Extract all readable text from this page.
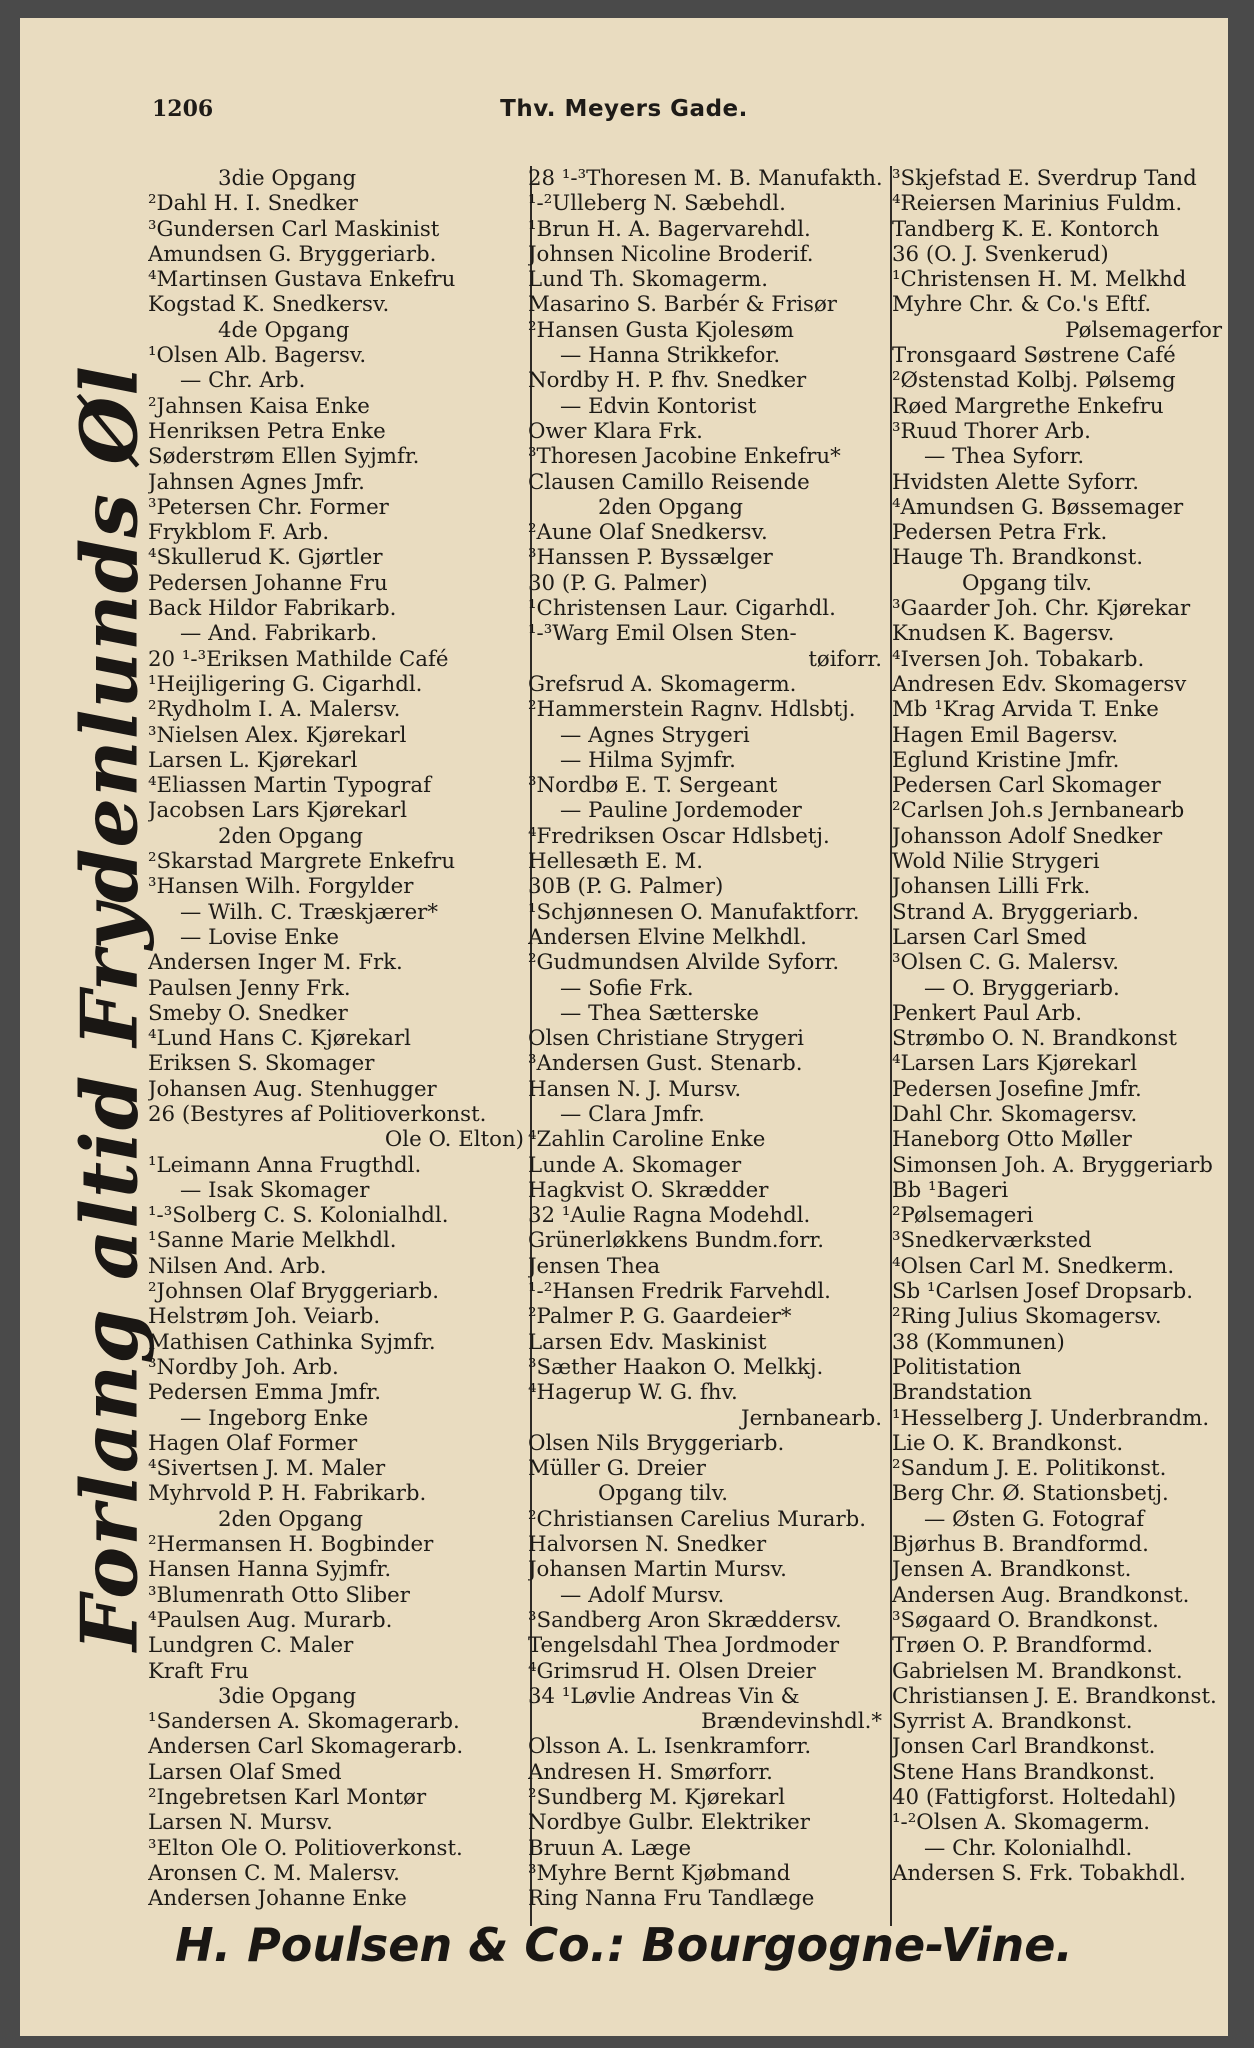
1206	Thv. Meyers Gade.
Forlang altid Frydenlunds Øl
3die Opgang
²Dahl H. I. Snedker
³Gundersen Carl Maskinist
Amundsen G. Bryggeriarb.
⁴Martinsen Gustava Enkefru
Kogstad K. Snedkersv.
4de Opgang
¹Olsen Alb. Bagersv.
— Chr. Arb.
²Jahnsen Kaisa Enke
Henriksen Petra Enke
Søderstrøm Ellen Syjmfr.
Jahnsen Agnes Jmfr.
³Petersen Chr. Former
Frykblom F. Arb.
⁴Skullerud K. Gjørtler
Pedersen Johanne Fru
Back Hildor Fabrikarb.
— And. Fabrikarb.
20 ¹-³Eriksen Mathilde Café
¹Heijligering G. Cigarhdl.
²Rydholm I. A. Malersv.
³Nielsen Alex. Kjørekarl
Larsen L. Kjørekarl
⁴Eliassen Martin Typograf
Jacobsen Lars Kjørekarl
2den Opgang
²Skarstad Margrete Enkefru
³Hansen Wilh. Forgylder
— Wilh. C. Træskjærer*
— Lovise Enke
Andersen Inger M. Frk.
Paulsen Jenny Frk.
Smeby O. Snedker
⁴Lund Hans C. Kjørekarl
Eriksen S. Skomager
Johansen Aug. Stenhugger
26 (Bestyres af Politioverkonst.
Ole O. Elton)
¹Leimann Anna Frugthdl.
— Isak Skomager
¹-³Solberg C. S. Kolonialhdl.
¹Sanne Marie Melkhdl.
Nilsen And. Arb.
²Johnsen Olaf Bryggeriarb.
Helstrøm Joh. Veiarb.
Mathisen Cathinka Syjmfr.
³Nordby Joh. Arb.
Pedersen Emma Jmfr.
— Ingeborg Enke
Hagen Olaf Former
⁴Sivertsen J. M. Maler
Myhrvold P. H. Fabrikarb.
2den Opgang
²Hermansen H. Bogbinder
Hansen Hanna Syjmfr.
³Blumenrath Otto Sliber
⁴Paulsen Aug. Murarb.
Lundgren C. Maler
Kraft Fru
3die Opgang
¹Sandersen A. Skomagerarb.
Andersen Carl Skomagerarb.
Larsen Olaf Smed
²Ingebretsen Karl Montør
Larsen N. Mursv.
³Elton Ole O. Politioverkonst.
Aronsen C. M. Malersv.
Andersen Johanne Enke
28 ¹-³Thoresen M. B. Manufakth.
¹-²Ulleberg N. Sæbehdl.
¹Brun H. A. Bagervarehdl.
Johnsen Nicoline Broderif.
Lund Th. Skomagerm.
Masarino S. Barbér & Frisør
²Hansen Gusta Kjolesøm
— Hanna Strikkefor.
Nordby H. P. fhv. Snedker
— Edvin Kontorist
Ower Klara Frk.
³Thoresen Jacobine Enkefru*
Clausen Camillo Reisende
2den Opgang
²Aune Olaf Snedkersv.
³Hanssen P. Byssælger
30 (P. G. Palmer)
¹Christensen Laur. Cigarhdl.
¹-³Warg Emil Olsen Sten-
tøiforr.
Grefsrud A. Skomagerm.
²Hammerstein Ragnv. Hdlsbtj.
— Agnes Strygeri
— Hilma Syjmfr.
³Nordbø E. T. Sergeant
— Pauline Jordemoder
⁴Fredriksen Oscar Hdlsbetj.
Hellesæth E. M.
30B (P. G. Palmer)
¹Schjønnesen O. Manufaktforr.
Andersen Elvine Melkhdl.
²Gudmundsen Alvilde Syforr.
— Sofie Frk.
— Thea Sætterske
Olsen Christiane Strygeri
³Andersen Gust. Stenarb.
Hansen N. J. Mursv.
— Clara Jmfr.
⁴Zahlin Caroline Enke
Lunde A. Skomager
Hagkvist O. Skrædder
32 ¹Aulie Ragna Modehdl.
Grünerløkkens Bundm.forr.
Jensen Thea
¹-²Hansen Fredrik Farvehdl.
²Palmer P. G. Gaardeier*
Larsen Edv. Maskinist
³Sæther Haakon O. Melkkj.
⁴Hagerup W. G. fhv.
Jernbanearb.
Olsen Nils Bryggeriarb.
Müller G. Dreier
Opgang tilv.
²Christiansen Carelius Murarb.
Halvorsen N. Snedker
Johansen Martin Mursv.
— Adolf Mursv.
³Sandberg Aron Skræddersv.
Tengelsdahl Thea Jordmoder
⁴Grimsrud H. Olsen Dreier
34 ¹Løvlie Andreas Vin &
Brændevinshdl.*
Olsson A. L. Isenkramforr.
Andresen H. Smørforr.
²Sundberg M. Kjørekarl
Nordbye Gulbr. Elektriker
Bruun A. Læge
³Myhre Bernt Kjøbmand
Ring Nanna Fru Tandlæge
³Skjefstad E. Sverdrup Tand
⁴Reiersen Marinius Fuldm.
Tandberg K. E. Kontorch
36 (O. J. Svenkerud)
¹Christensen H. M. Melkhd
Myhre Chr. & Co.'s Eftf.
Pølsemagerfor
Tronsgaard Søstrene Café
²Østenstad Kolbj. Pølsemg
Røed Margrethe Enkefru
³Ruud Thorer Arb.
— Thea Syforr.
Hvidsten Alette Syforr.
⁴Amundsen G. Bøssemager
Pedersen Petra Frk.
Hauge Th. Brandkonst.
Opgang tilv.
³Gaarder Joh. Chr. Kjørekar
Knudsen K. Bagersv.
⁴Iversen Joh. Tobakarb.
Andresen Edv. Skomagersv
Mb ¹Krag Arvida T. Enke
Hagen Emil Bagersv.
Eglund Kristine Jmfr.
Pedersen Carl Skomager
²Carlsen Joh.s Jernbanearb
Johansson Adolf Snedker
Wold Nilie Strygeri
Johansen Lilli Frk.
Strand A. Bryggeriarb.
Larsen Carl Smed
³Olsen C. G. Malersv.
— O. Bryggeriarb.
Penkert Paul Arb.
Strømbo O. N. Brandkonst
⁴Larsen Lars Kjørekarl
Pedersen Josefine Jmfr.
Dahl Chr. Skomagersv.
Haneborg Otto Møller
Simonsen Joh. A. Bryggeriarb
Bb ¹Bageri
²Pølsemageri
³Snedkerværksted
⁴Olsen Carl M. Snedkerm.
Sb ¹Carlsen Josef Dropsarb.
²Ring Julius Skomagersv.
38 (Kommunen)
Politistation
Brandstation
¹Hesselberg J. Underbrandm.
Lie O. K. Brandkonst.
²Sandum J. E. Politikonst.
Berg Chr. Ø. Stationsbetj.
— Østen G. Fotograf
Bjørhus B. Brandformd.
Jensen A. Brandkonst.
Andersen Aug. Brandkonst.
³Søgaard O. Brandkonst.
Trøen O. P. Brandformd.
Gabrielsen M. Brandkonst.
Christiansen J. E. Brandkonst.
Syrrist A. Brandkonst.
Jonsen Carl Brandkonst.
Stene Hans Brandkonst.
40 (Fattigforst. Holtedahl)
¹-²Olsen A. Skomagerm.
— Chr. Kolonialhdl.
Andersen S. Frk. Tobakhdl.
H. Poulsen & Co.: Bourgogne-Vine.
